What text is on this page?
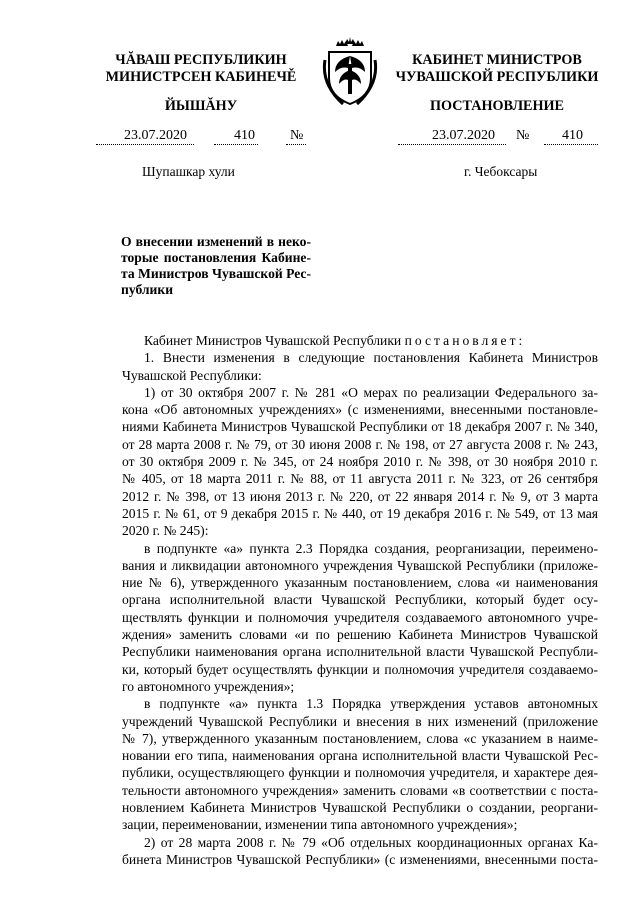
ЧĂВАШ РЕСПУБЛИКИН
МИНИСТРСЕН КАБИНЕЧĚ
ЙЫШĂНУ
КАБИНЕТ МИНИСТРОВ
ЧУВАШСКОЙ РЕСПУБЛИКИ
ПОСТАНОВЛЕНИЕ
23.07.2020	410	№	23.07.2020 № 410
Шупашкар хули	г. Чебоксары
О внесении изменений в неко-
торые постановления Кабине-
та Министров Чувашской Рес-
публики
Кабинет Министров Чувашской Республики постановляет:
1. Внести изменения в следующие постановления Кабинета Министров
Чувашской Республики:
1) от 30 октября 2007 г. № 281 «О мерах по реализации Федерального за-
кона «Об автономных учреждениях» (с изменениями, внесенными постановле-
ниями Кабинета Министров Чувашской Республики от 18 декабря 2007 г. № 340,
от 28 марта 2008 г. № 79, от 30 июня 2008 г. № 198, от 27 августа 2008 г. № 243,
от 30 октября 2009 г. № 345, от 24 ноября 2010 г. № 398, от 30 ноября 2010 г.
№ 405, от 18 марта 2011 г. № 88, от 11 августа 2011 г. № 323, от 26 сентября
2012 г. № 398, от 13 июня 2013 г. № 220, от 22 января 2014 г. № 9, от 3 марта
2015 г. № 61, от 9 декабря 2015 г. № 440, от 19 декабря 2016 г. № 549, от 13 мая
2020 г. № 245):
в подпункте «а» пункта 2.3 Порядка создания, реорганизации, переимено-
вания и ликвидации автономного учреждения Чувашской Республики (приложе-
ние № 6), утвержденного указанным постановлением, слова «и наименования
органа исполнительной власти Чувашской Республики, который будет осу-
ществлять функции и полномочия учредителя создаваемого автономного учре-
ждения» заменить словами «и по решению Кабинета Министров Чувашской
Республики наименования органа исполнительной власти Чувашской Республи-
ки, который будет осуществлять функции и полномочия учредителя создаваемо-
го автономного учреждения»;
в подпункте «а» пункта 1.3 Порядка утверждения уставов автономных
учреждений Чувашской Республики и внесения в них изменений (приложение
№ 7), утвержденного указанным постановлением, слова «с указанием в наиме-
новании его типа, наименования органа исполнительной власти Чувашской Рес-
публики, осуществляющего функции и полномочия учредителя, и характере дея-
тельности автономного учреждения» заменить словами «в соответствии с поста-
новлением Кабинета Министров Чувашской Республики о создании, реоргани-
зации, переименовании, изменении типа автономного учреждения»;
2) от 28 марта 2008 г. № 79 «Об отдельных координационных органах Ка-
бинета Министров Чувашской Республики» (с изменениями, внесенными поста-
